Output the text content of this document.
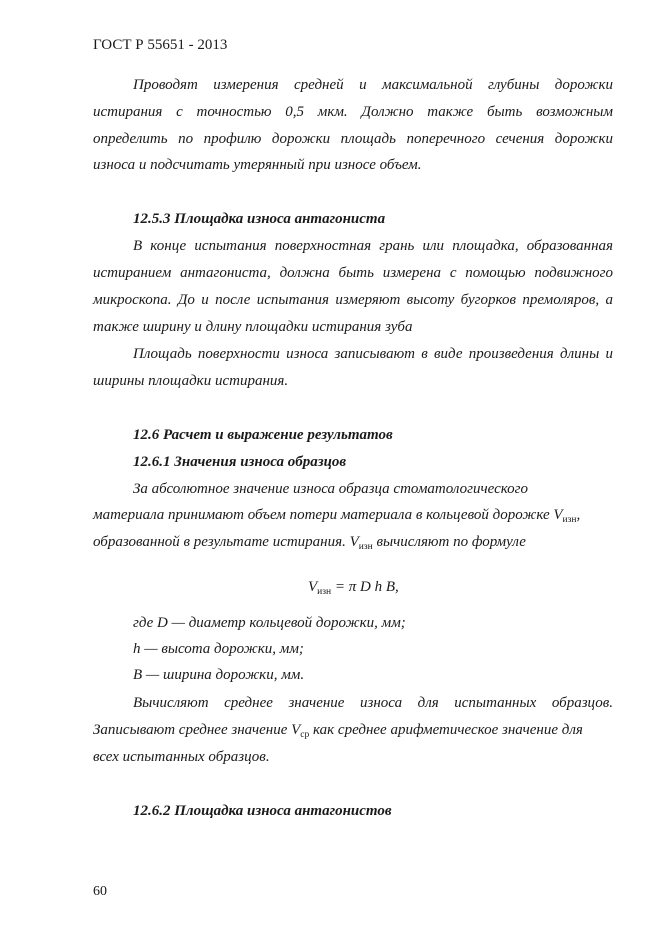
ГОСТ Р 55651 - 2013
Проводят измерения средней и максимальной глубины дорожки
истирания с точностью 0,5 мкм. Должно также быть возможным
определить по профилю дорожки площадь поперечного сечения дорожки
износа и подсчитать утерянный при износе объем.
12.5.3 Площадка износа антагониста
В конце испытания поверхностная грань или площадка, образованная
истиранием антагониста, должна быть измерена с помощью подвижного
микроскопа. До и после испытания измеряют высоту бугорков премоляров, а
также ширину и длину площадки истирания зуба
Площадь поверхности износа записывают в виде произведения длины и
ширины площадки истирания.
12.6 Расчет и выражение результатов
12.6.1 Значения износа образцов
За абсолютное значение износа образца стоматологического
материала принимают объем потери материала в кольцевой дорожке $V_{изн}$,
образованной в результате истирания. $V_{изн}$ вычисляют по формуле
$V_{изн} = \pi$ D h B,
где D — диаметр кольцевой дорожки, мм;
h — высота дорожки, мм;
B — ширина дорожки, мм.
Вычисляют среднее значение износа для испытанных образцов.
Записывают среднее значение $V_{ср}$ как среднее арифметическое значение для
всех испытанных образцов.
12.6.2 Площадка износа антагонистов
60
